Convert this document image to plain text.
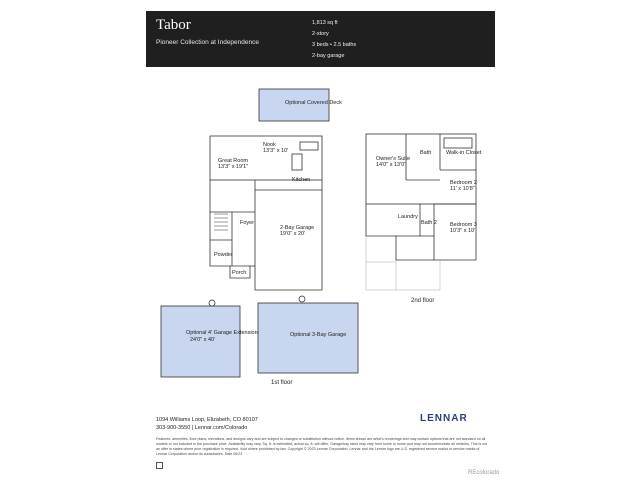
Tabor
Pioneer Collection at Independence
1,813 sq ft
2-story
3 beds • 2.5 baths
2-bay garage
Optional Covered Deck
Nook
13'3" x 10'
Great Room
13'3" x 19'1"
Kitchen
Foyer
Powder
Porch
2-Bay Garage
19'0" x 20'
Owner's Suite
14'0" x 13'0"
Bath	Walk-in Closet
Bedroom 2
11' x 10'8"
Laundry
Bath 2 Bedroom 3
10'3" x 10'
Optional 4' Garage Extension
24'0" x 40'
Optional 3-Bay Garage
1st floor
2nd floor
1094 Williams Loop, Elizabeth, CO 80107
303-900-3550 | Lennar.com/Colorado
LENNAR
Features, amenities, floor plans, elevations, and designs vary and are subject to changes or substitution without notice. Items shown are artist's renderings and may contain options that are not standard on all models or not included in the purchase price. Availability may vary. Sq. ft. is estimated; actual sq. ft. will differ. Garage/bay sizes may vary from home to home and may not accommodate all vehicles. This is not an offer in states where prior registration is required. Void where prohibited by law. Copyright © 2023 Lennar Corporation. Lennar and the Lennar logo are U.S. registered service marks or service marks of Lennar Corporation and/or its subsidiaries. Date 06/23
REcolorado
